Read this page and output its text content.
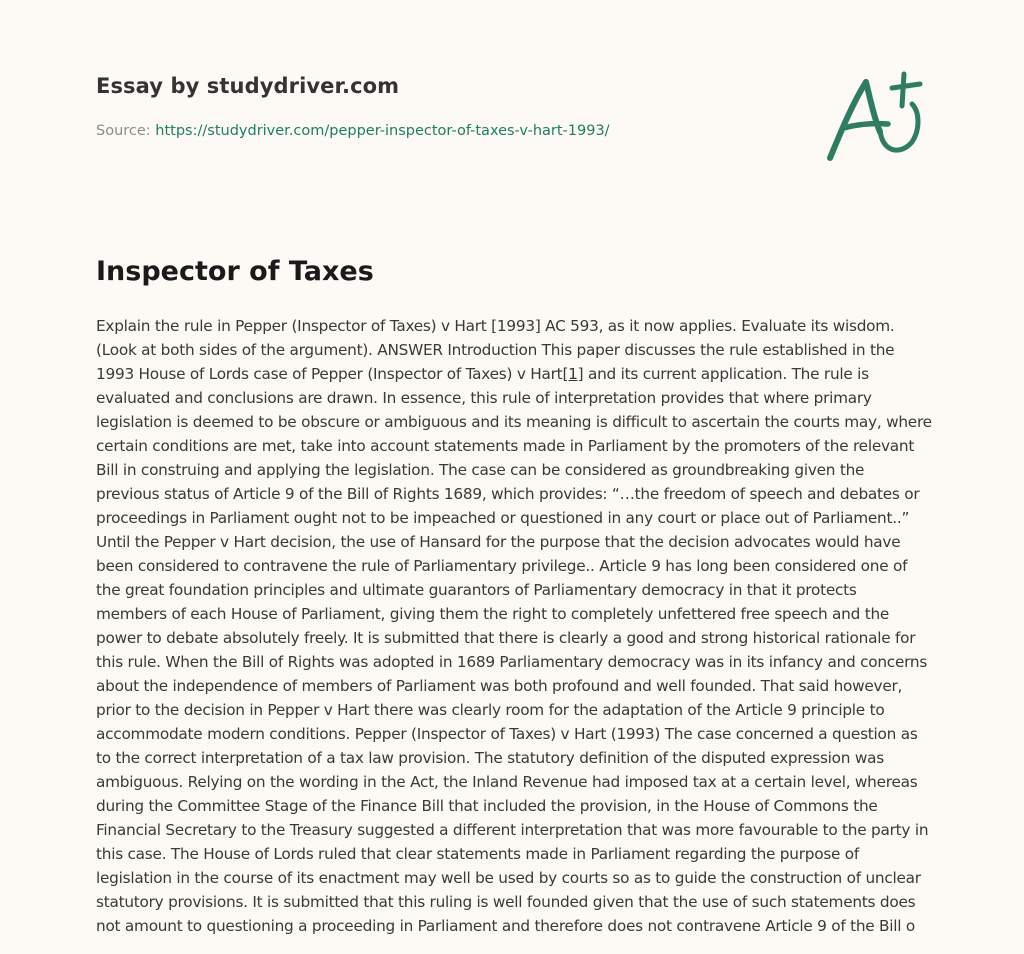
Essay by studydriver.com
Source: https://studydriver.com/pepper-inspector-of-taxes-v-hart-1993/
Inspector of Taxes

Explain the rule in Pepper (Inspector of Taxes) v Hart [1993] AC 593, as it now applies. Evaluate its wisdom. (Look at both sides of the argument). ANSWER Introduction This paper discusses the rule established in the 1993 House of Lords case of Pepper (Inspector of Taxes) v Hart[1] and its current application. The rule is evaluated and conclusions are drawn. In essence, this rule of interpretation provides that where primary legislation is deemed to be obscure or ambiguous and its meaning is difficult to ascertain the courts may, where certain conditions are met, take into account statements made in Parliament by the promoters of the relevant Bill in construing and applying the legislation. The case can be considered as groundbreaking given the previous status of Article 9 of the Bill of Rights 1689, which provides: “…the freedom of speech and debates or proceedings in Parliament ought not to be impeached or questioned in any court or place out of Parliament..” Until the Pepper v Hart decision, the use of Hansard for the purpose that the decision advocates would have been considered to contravene the rule of Parliamentary privilege.. Article 9 has long been considered one of the great foundation principles and ultimate guarantors of Parliamentary democracy in that it protects members of each House of Parliament, giving them the right to completely unfettered free speech and the power to debate absolutely freely. It is submitted that there is clearly a good and strong historical rationale for this rule. When the Bill of Rights was adopted in 1689 Parliamentary democracy was in its infancy and concerns about the independence of members of Parliament was both profound and well founded. That said however, prior to the decision in Pepper v Hart there was clearly room for the adaptation of the Article 9 principle to accommodate modern conditions. Pepper (Inspector of Taxes) v Hart (1993) The case concerned a question as to the correct interpretation of a tax law provision. The statutory definition of the disputed expression was ambiguous. Relying on the wording in the Act, the Inland Revenue had imposed tax at a certain level, whereas during the Committee Stage of the Finance Bill that included the provision, in the House of Commons the Financial Secretary to the Treasury suggested a different interpretation that was more favourable to the party in this case. The House of Lords ruled that clear statements made in Parliament regarding the purpose of legislation in the course of its enactment may well be used by courts so as to guide the construction of unclear statutory provisions. It is submitted that this ruling is well founded given that the use of such statements does not amount to questioning a proceeding in Parliament and therefore does not contravene Article 9 of the Bill o
